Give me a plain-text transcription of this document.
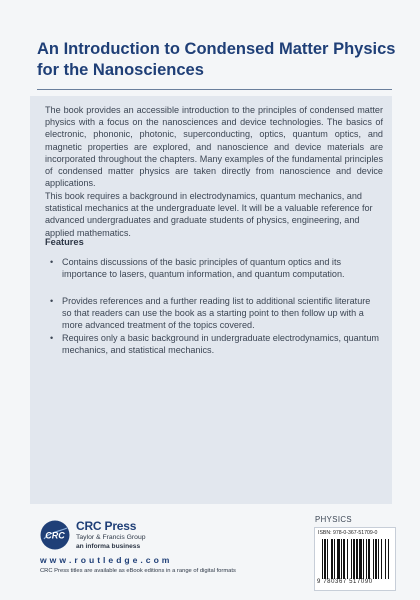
An Introduction to Condensed Matter Physics for the Nanosciences

The book provides an accessible introduction to the principles of condensed matter physics with a focus on the nanosciences and device technologies. The basics of electronic, phononic, photonic, superconducting, optics, quantum optics, and magnetic properties are explored, and nanoscience and device materials are incorporated throughout the chapters. Many examples of the fundamental principles of condensed matter physics are taken directly from nanoscience and device applications.

This book requires a background in electrodynamics, quantum mechanics, and statistical mechanics at the undergraduate level. It will be a valuable reference for advanced undergraduates and graduate students of physics, engineering, and applied mathematics.

Features
• Contains discussions of the basic principles of quantum optics and its importance to lasers, quantum information, and quantum computation.
• Provides references and a further reading list to additional scientific literature so that readers can use the book as a starting point to then follow up with a more advanced treatment of the topics covered.
• Requires only a basic background in undergraduate electrodynamics, quantum mechanics, and statistical mechanics.
CRC
CRC Press
Taylor & Francis Group
an informa business
w w w . r o u t l e d g e . c o m
CRC Press titles are available as eBook editions in a range of digital formats
PHYSICS
ISBN: 978-0-367-51709-0
9 780367 517090
